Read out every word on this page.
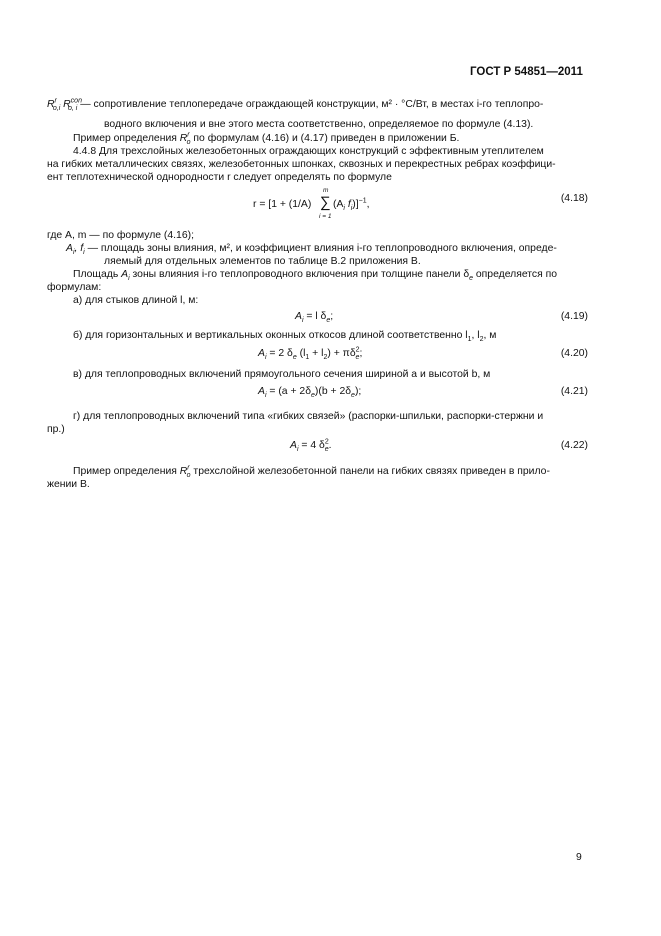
ГОСТ Р 54851—2011
$R^r_{о,i}$ $R^{con}_{о, i}$ — сопротивление теплопередаче ограждающей конструкции, м² · °С/Вт, в местах i-го теплопро-
водного включения и вне этого места соответственно, определяемое по формуле (4.13).
Пример определения $R^r_о$ по формулам (4.16) и (4.17) приведен в приложении Б.
4.4.8 Для трехслойных железобетонных ограждающих конструкций с эффективным утеплителем
на гибких металлических связях, железобетонных шпонках, сквозных и перекрестных ребрах коэффици-
ент теплотехнической однородности r следует определять по формуле
r = [1 + (1/A)
m
∑
i = 1
($A_i$ $f_i)]^{-1}$,
(4.18)
где A, m — по формуле (4.16);
$A_i$, $f_i$ — площадь зоны влияния, м², и коэффициент влияния i-го теплопроводного включения, опреде-
ляемый для отдельных элементов по таблице В.2 приложения В.
Площадь $A_i$ зоны влияния i-го теплопроводного включения при толщине панели $\delta_e$ определяется по
формулам:
а) для стыков длиной l, м:
$A_i = l$ $\delta_e$;	(4.19)
б) для горизонтальных и вертикальных оконных откосов длиной соответственно $l_1$, $l_2$, м
$A_i = 2$ $\delta_e$ $(l_1 + l_2) + \pi\delta^2_e$;	(4.20)
в) для теплопроводных включений прямоугольного сечения шириной a и высотой b, м
$A_i = (a + 2\delta_e)(b + 2\delta_e)$;	(4.21)
г) для теплопроводных включений типа «гибких связей» (распорки-шпильки, распорки-стержни и
пр.)
$A_i = 4$ $\delta^2_e$.	(4.22)
Пример определения $R^r_о$ трехслойной железобетонной панели на гибких связях приведен в прило-
жении В.
9
